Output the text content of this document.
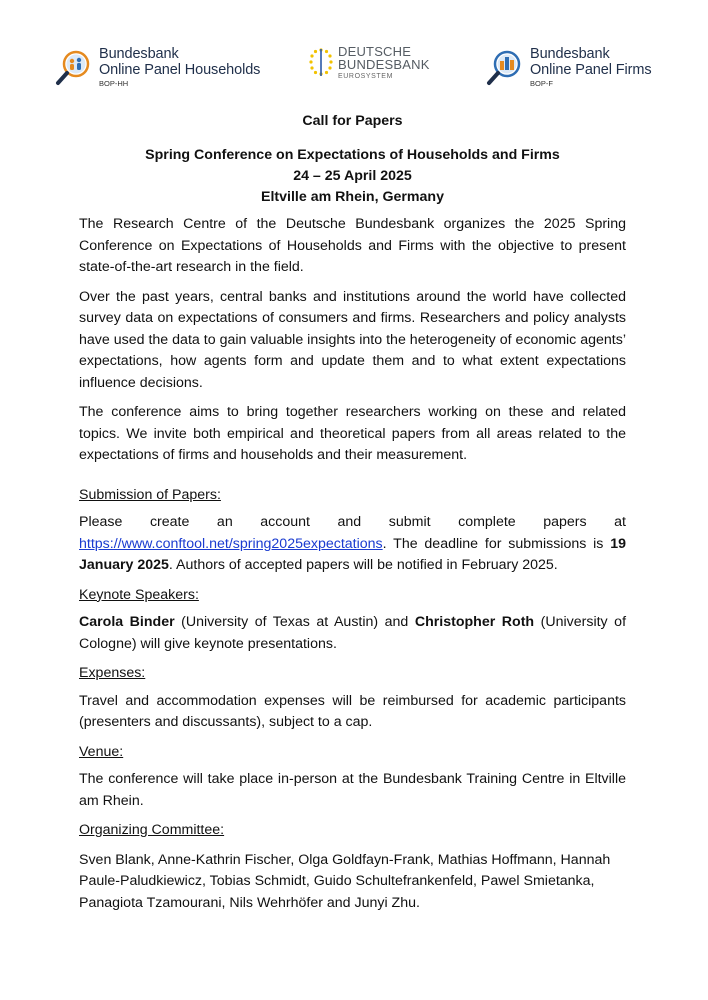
Bundesbank
Online Panel Households
BOP-HH
DEUTSCHE
BUNDESBANK
EUROSYSTEM
Bundesbank
Online Panel Firms
BOP-F
Call for Papers
Spring Conference on Expectations of Households and Firms
24 – 25 April 2025
Eltville am Rhein, Germany

The Research Centre of the Deutsche Bundesbank organizes the 2025 Spring Conference on Expectations of Households and Firms with the objective to present state-of-the-art research in the field.

Over the past years, central banks and institutions around the world have collected survey data on expectations of consumers and firms. Researchers and policy analysts have used the data to gain valuable insights into the heterogeneity of economic agents’ expectations, how agents form and update them and to what extent expectations influence decisions.

The conference aims to bring together researchers working on these and related topics. We invite both empirical and theoretical papers from all areas related to the expectations of firms and households and their measurement.

Submission of Papers:

Please create an account and submit complete papers at https://www.conftool.net/spring2025expectations. The deadline for submissions is 19 January 2025. Authors of accepted papers will be notified in February 2025.

Keynote Speakers:

Carola Binder (University of Texas at Austin) and Christopher Roth (University of Cologne) will give keynote presentations.

Expenses:

Travel and accommodation expenses will be reimbursed for academic participants (presenters and discussants), subject to a cap.

Venue:

The conference will take place in-person at the Bundesbank Training Centre in Eltville am Rhein.

Organizing Committee:
Sven Blank, Anne-Kathrin Fischer, Olga Goldfayn-Frank, Mathias Hoffmann, Hannah
Paule-Paludkiewicz, Tobias Schmidt, Guido Schultefrankenfeld, Pawel Smietanka,
Panagiota Tzamourani, Nils Wehrhöfer and Junyi Zhu.
